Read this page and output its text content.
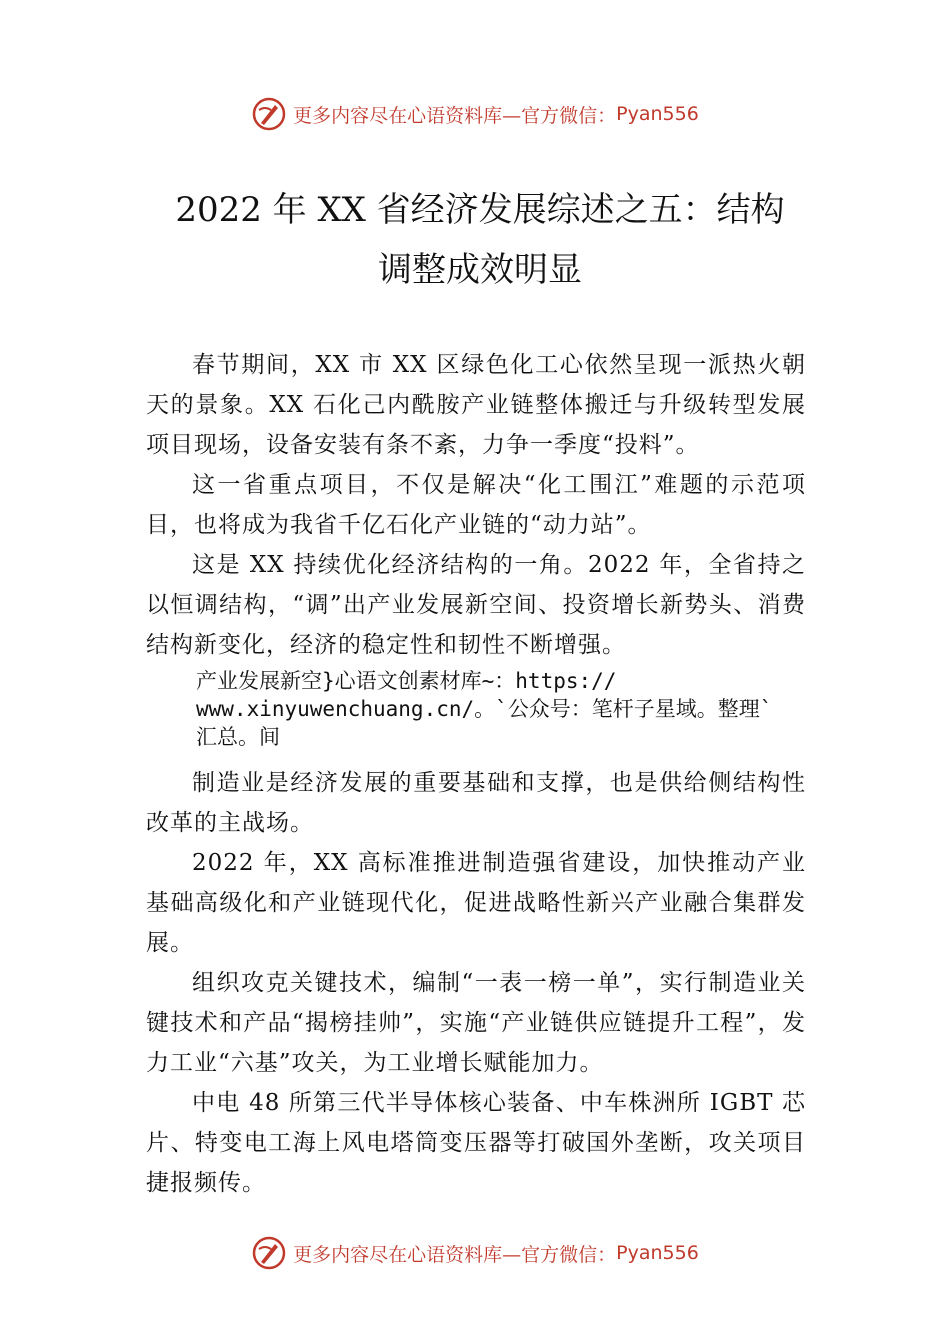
更多内容尽在心语资料库—官方微信： Pyan556
2022 年 XX 省经济发展综述之五：结构
调整成效明显

春节期间，XX 市 XX 区绿色化工心依然呈现一派热火朝天的景象。XX 石化己内酰胺产业链整体搬迁与升级转型发展项目现场，设备安装有条不紊，力争一季度“投料”。

这一省重点项目，不仅是解决“化工围江”难题的示范项目，也将成为我省千亿石化产业链的“动力站”。

这是 XX 持续优化经济结构的一角。2022 年，全省持之以恒调结构，“调”出产业发展新空间、投资增长新势头、消费结构新变化，经济的稳定性和韧性不断增强。

产业发展新空}心语文创素材库~：https://
www.xinyuwenchuang.cn/。`公众号：笔杆子星域。整理`
汇总。间

制造业是经济发展的重要基础和支撑，也是供给侧结构性改革的主战场。

2022 年，XX 高标准推进制造强省建设，加快推动产业基础高级化和产业链现代化，促进战略性新兴产业融合集群发展。

组织攻克关键技术，编制“一表一榜一单”，实行制造业关键技术和产品“揭榜挂帅”，实施“产业链供应链提升工程”，发力工业“六基”攻关，为工业增长赋能加力。

中电 48 所第三代半导体核心装备、中车株洲所 IGBT 芯片、特变电工海上风电塔筒变压器等打破国外垄断，攻关项目捷报频传。

更多内容尽在心语资料库—官方微信： Pyan556
